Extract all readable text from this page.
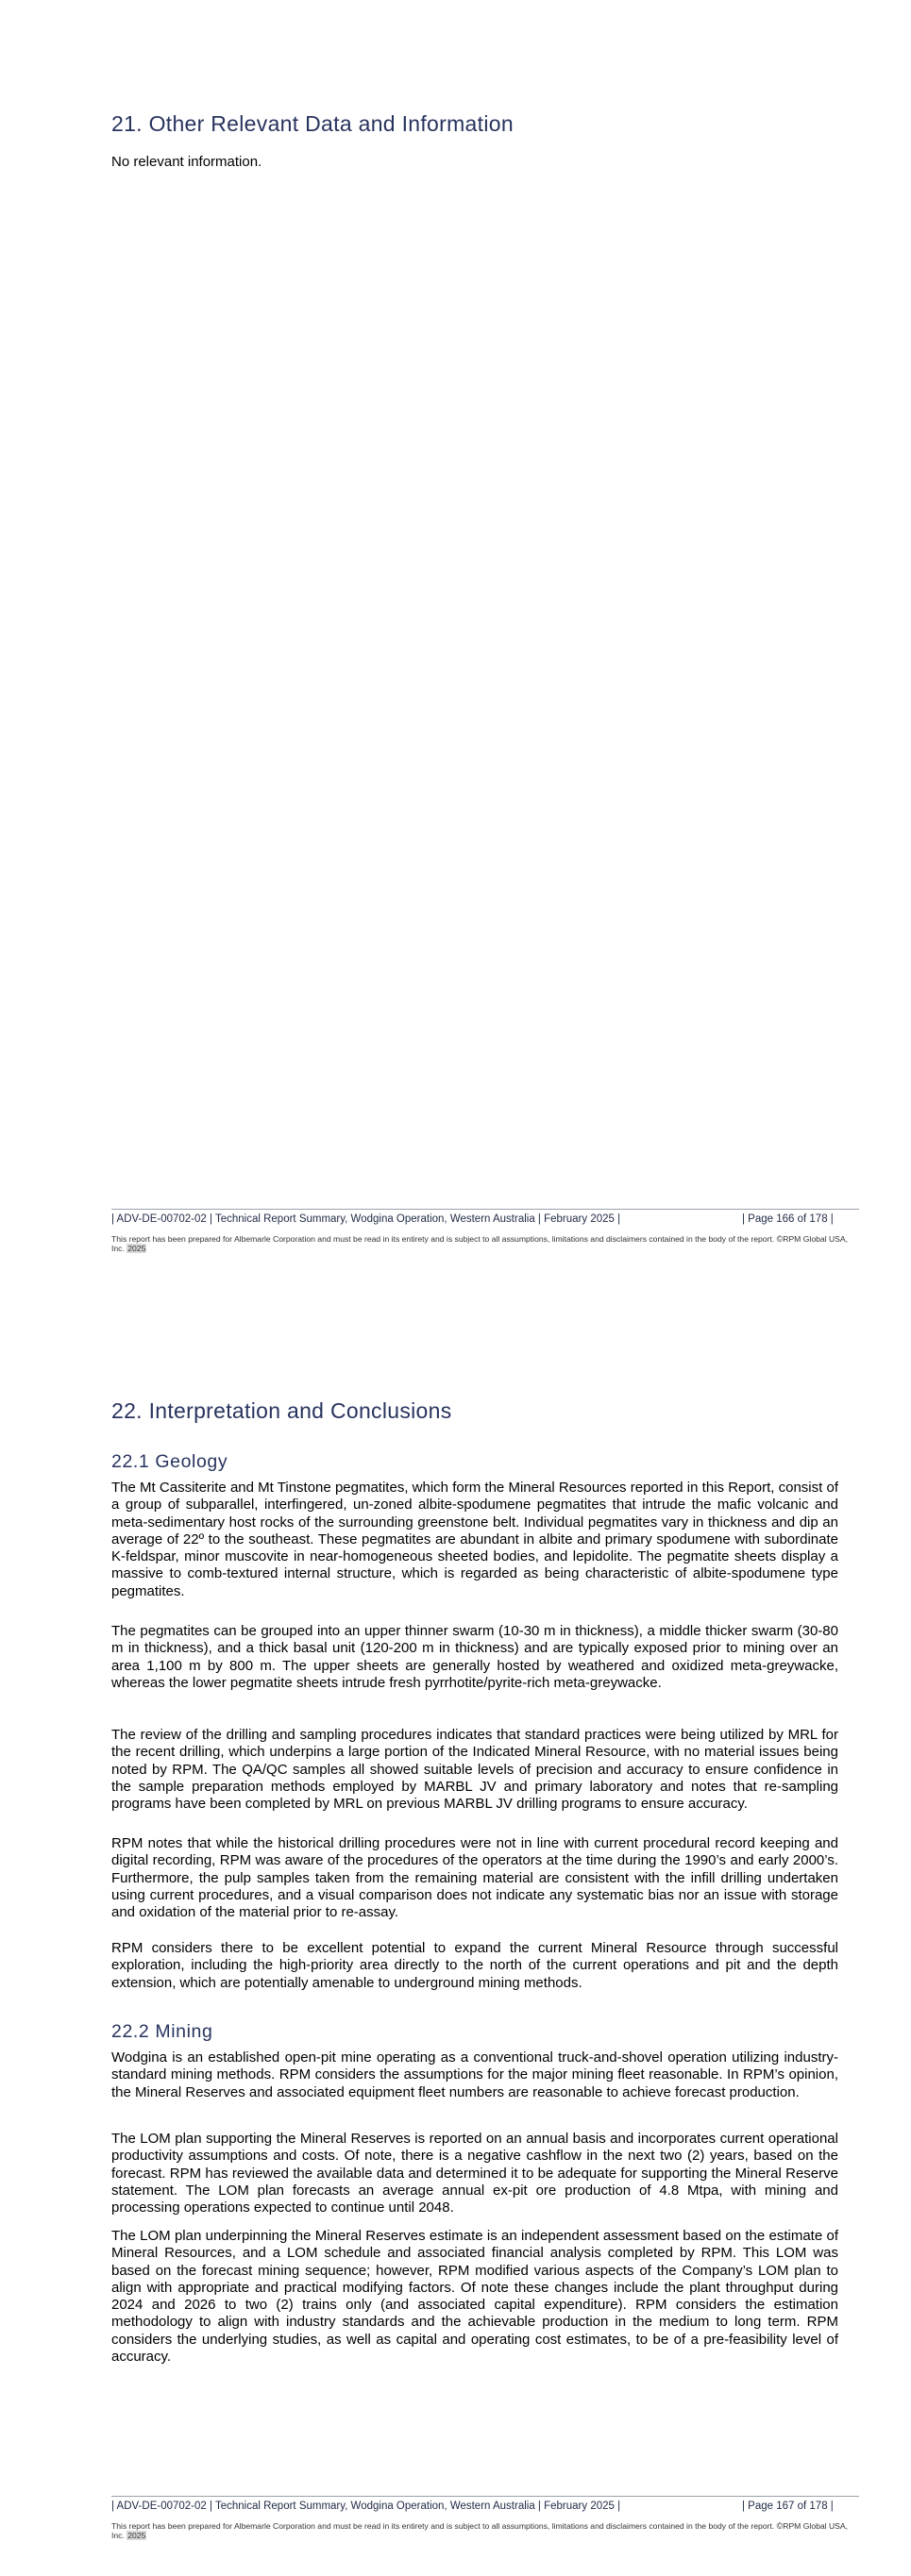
21. Other Relevant Data and Information

No relevant information.

| ADV-DE-00702-02 | Technical Report Summary, Wodgina Operation, Western Australia | February 2025 |	| Page 166 of 178 |

This report has been prepared for Albemarle Corporation and must be read in its entirety and is subject to all assumptions, limitations and disclaimers contained in the body of the report. ©RPM Global USA, Inc. 2025

22. Interpretation and Conclusions
22.1 Geology

The Mt Cassiterite and Mt Tinstone pegmatites, which form the Mineral Resources reported in this Report, consist of a group of subparallel, interfingered, un-zoned albite-spodumene pegmatites that intrude the mafic volcanic and meta-sedimentary host rocks of the surrounding greenstone belt. Individual pegmatites vary in thickness and dip an average of 22º to the southeast. These pegmatites are abundant in albite and primary spodumene with subordinate K-feldspar, minor muscovite in near-homogeneous sheeted bodies, and lepidolite. The pegmatite sheets display a massive to comb-textured internal structure, which is regarded as being characteristic of albite-spodumene type pegmatites.

The pegmatites can be grouped into an upper thinner swarm (10-30 m in thickness), a middle thicker swarm (30-80 m in thickness), and a thick basal unit (120-200 m in thickness) and are typically exposed prior to mining over an area 1,100 m by 800 m. The upper sheets are generally hosted by weathered and oxidized meta-greywacke, whereas the lower pegmatite sheets intrude fresh pyrrhotite/pyrite-rich meta-greywacke.

The review of the drilling and sampling procedures indicates that standard practices were being utilized by MRL for the recent drilling, which underpins a large portion of the Indicated Mineral Resource, with no material issues being noted by RPM. The QA/QC samples all showed suitable levels of precision and accuracy to ensure confidence in the sample preparation methods employed by MARBL JV and primary laboratory and notes that re-sampling programs have been completed by MRL on previous MARBL JV drilling programs to ensure accuracy.

RPM notes that while the historical drilling procedures were not in line with current procedural record keeping and digital recording, RPM was aware of the procedures of the operators at the time during the 1990’s and early 2000’s. Furthermore, the pulp samples taken from the remaining material are consistent with the infill drilling undertaken using current procedures, and a visual comparison does not indicate any systematic bias nor an issue with storage and oxidation of the material prior to re-assay.

RPM considers there to be excellent potential to expand the current Mineral Resource through successful exploration, including the high-priority area directly to the north of the current operations and pit and the depth extension, which are potentially amenable to underground mining methods.

22.2 Mining

Wodgina is an established open-pit mine operating as a conventional truck-and-shovel operation utilizing industry-standard mining methods. RPM considers the assumptions for the major mining fleet reasonable. In RPM’s opinion, the Mineral Reserves and associated equipment fleet numbers are reasonable to achieve forecast production.

The LOM plan supporting the Mineral Reserves is reported on an annual basis and incorporates current operational productivity assumptions and costs. Of note, there is a negative cashflow in the next two (2) years, based on the forecast. RPM has reviewed the available data and determined it to be adequate for supporting the Mineral Reserve statement. The LOM plan forecasts an average annual ex-pit ore production of 4.8 Mtpa, with mining and processing operations expected to continue until 2048.

The LOM plan underpinning the Mineral Reserves estimate is an independent assessment based on the estimate of Mineral Resources, and a LOM schedule and associated financial analysis completed by RPM. This LOM was based on the forecast mining sequence; however, RPM modified various aspects of the Company’s LOM plan to align with appropriate and practical modifying factors. Of note these changes include the plant throughput during 2024 and 2026 to two (2) trains only (and associated capital expenditure). RPM considers the estimation methodology to align with industry standards and the achievable production in the medium to long term. RPM considers the underlying studies, as well as capital and operating cost estimates, to be of a pre-feasibility level of accuracy.

| ADV-DE-00702-02 | Technical Report Summary, Wodgina Operation, Western Australia | February 2025 |	| Page 167 of 178 |

This report has been prepared for Albemarle Corporation and must be read in its entirety and is subject to all assumptions, limitations and disclaimers contained in the body of the report. ©RPM Global USA, Inc. 2025
